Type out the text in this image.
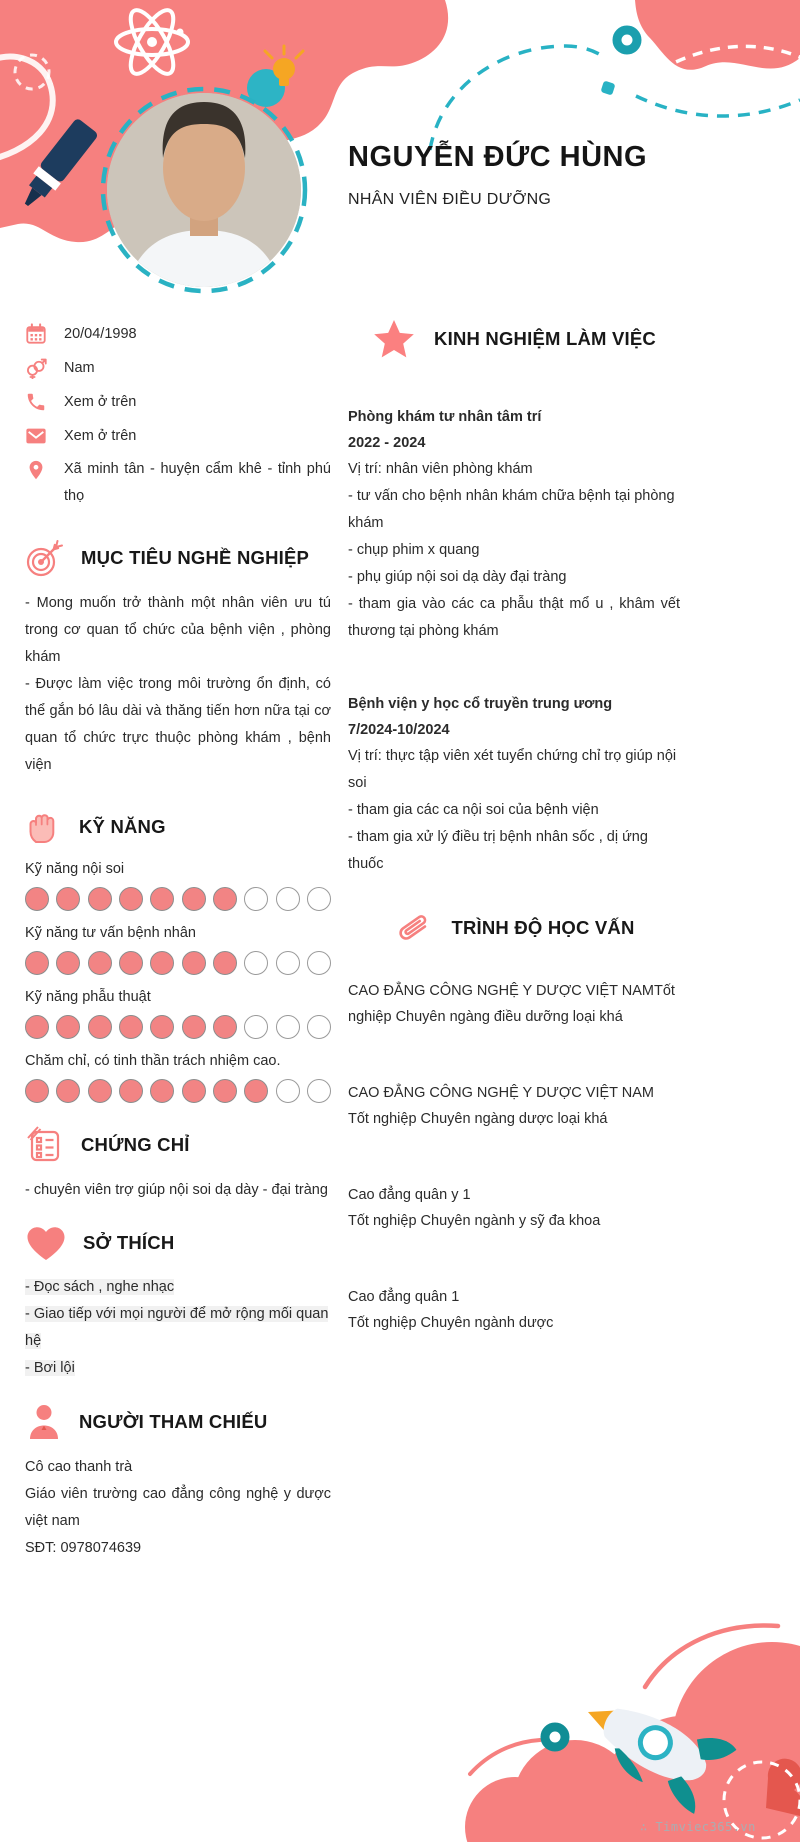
NGUYỄN ĐỨC HÙNG
NHÂN VIÊN ĐIỀU DƯỠNG
20/04/1998
Nam
Xem ở trên
Xem ở trên
Xã minh tân - huyện cẩm khê - tỉnh phú thọ
MỤC TIÊU NGHỀ NGHIỆP
- Mong muốn trở thành một nhân viên ưu tú trong cơ quan tổ chức của bệnh viện , phòng khám
- Được làm việc trong môi trường ổn định, có thể gắn bó lâu dài và thăng tiến hơn nữa tại cơ quan tổ chức trực thuộc phòng khám , bệnh viện
KỸ NĂNG
Kỹ năng nội soi
Kỹ năng tư vấn bệnh nhân
Kỹ năng phẫu thuật
Chăm chỉ, có tinh thần trách nhiệm cao.
CHỨNG CHỈ
- chuyên viên trợ giúp nội soi dạ dày - đại tràng
SỞ THÍCH
- Đọc sách , nghe nhạc
- Giao tiếp với mọi người để mở rộng mối quan hệ
- Bơi lội
NGƯỜI THAM CHIẾU
Cô cao thanh trà
Giáo viên trường cao đẳng công nghệ y dược việt nam
SĐT: 0978074639
KINH NGHIỆM LÀM VIỆC
Phòng khám tư nhân tâm trí
2022 - 2024
Vị trí: nhân viên phòng khám
- tư vấn cho bệnh nhân khám chữa bệnh tại phòng khám
- chụp phim x quang
- phụ giúp nội soi dạ dày đại tràng
- tham gia vào các ca phẫu thật mổ u , khâm vết thương tại phòng khám
Bệnh viện y học cổ truyền trung ương
7/2024-10/2024
Vị trí: thực tập viên xét tuyển chứng chỉ trọ giúp nội soi
- tham gia các ca nội soi của bệnh viện
- tham gia xử lý điều trị bệnh nhân sốc , dị ứng thuốc
TRÌNH ĐỘ HỌC VẤN
CAO ĐẲNG CÔNG NGHỆ Y DƯỢC VIỆT NAMTốt nghiệp Chuyên ngàng điều dưỡng loại khá
CAO ĐẲNG CÔNG NGHỆ Y DƯỢC VIỆT NAM
Tốt nghiệp Chuyên ngàng dược loại khá
Cao đẳng quân y 1
Tốt nghiệp Chuyên ngành y sỹ đa khoa
Cao đẳng quân 1
Tốt nghiệp Chuyên ngành dược
∴ Timviec365.vn
